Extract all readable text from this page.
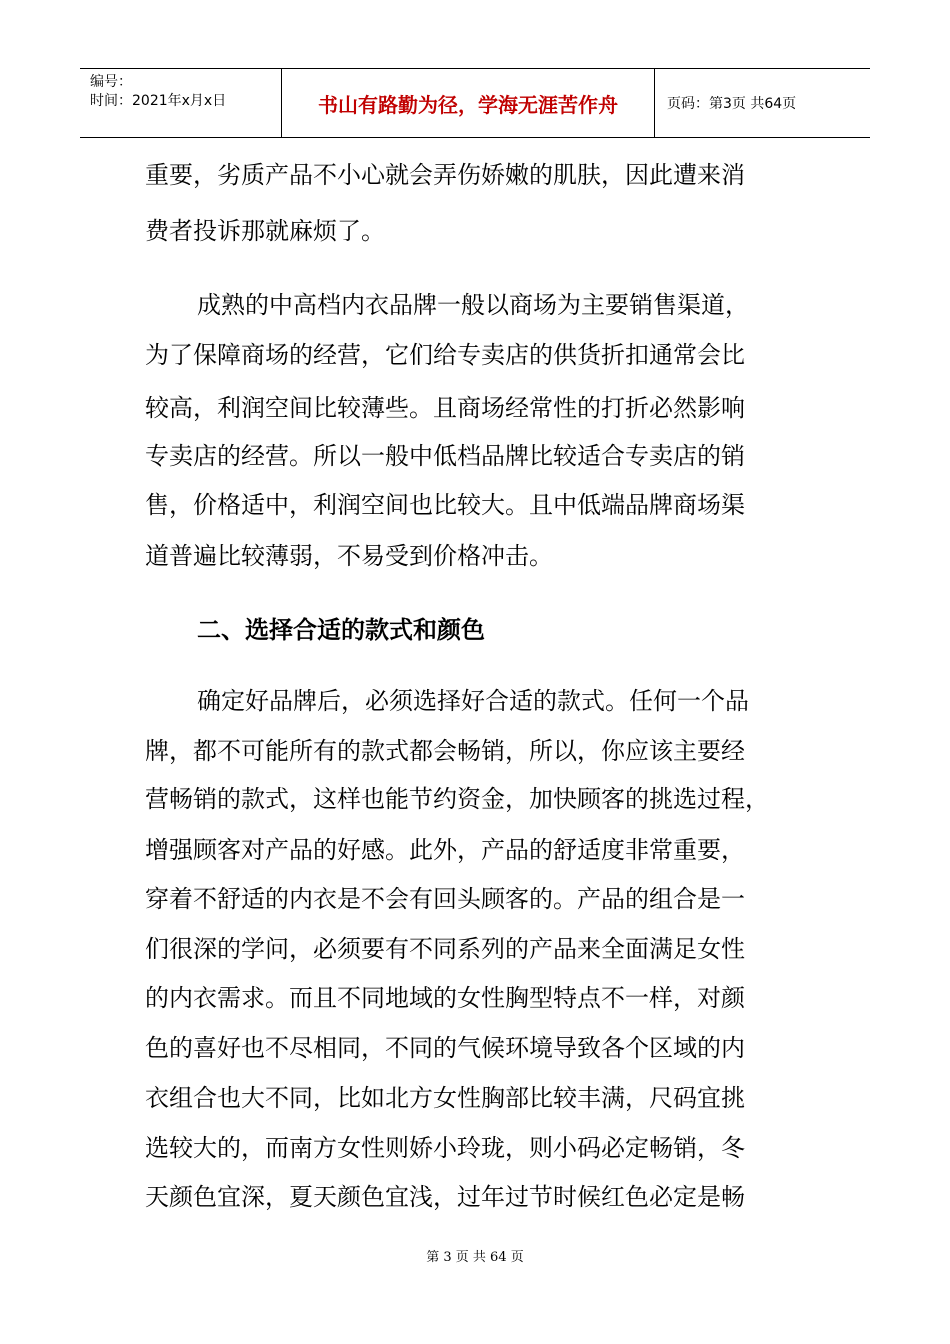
编号：
时间：2021年x月x日	书山有路勤为径，学海无涯苦作舟	页码：第3页 共64页
重要，劣质产品不小心就会弄伤娇嫩的肌肤，因此遭来消
费者投诉那就麻烦了。
成熟的中高档内衣品牌一般以商场为主要销售渠道，
为了保障商场的经营，它们给专卖店的供货折扣通常会比
较高，利润空间比较薄些。且商场经常性的打折必然影响
专卖店的经营。所以一般中低档品牌比较适合专卖店的销
售，价格适中，利润空间也比较大。且中低端品牌商场渠
道普遍比较薄弱，不易受到价格冲击。
二、选择合适的款式和颜色
确定好品牌后，必须选择好合适的款式。任何一个品
牌，都不可能所有的款式都会畅销，所以，你应该主要经
营畅销的款式，这样也能节约资金，加快顾客的挑选过程，
增强顾客对产品的好感。此外，产品的舒适度非常重要，
穿着不舒适的内衣是不会有回头顾客的。产品的组合是一
们很深的学问，必须要有不同系列的产品来全面满足女性
的内衣需求。而且不同地域的女性胸型特点不一样，对颜
色的喜好也不尽相同，不同的气候环境导致各个区域的内
衣组合也大不同，比如北方女性胸部比较丰满，尺码宜挑
选较大的，而南方女性则娇小玲珑，则小码必定畅销，冬
天颜色宜深，夏天颜色宜浅，过年过节时候红色必定是畅
第 3 页 共 64 页
